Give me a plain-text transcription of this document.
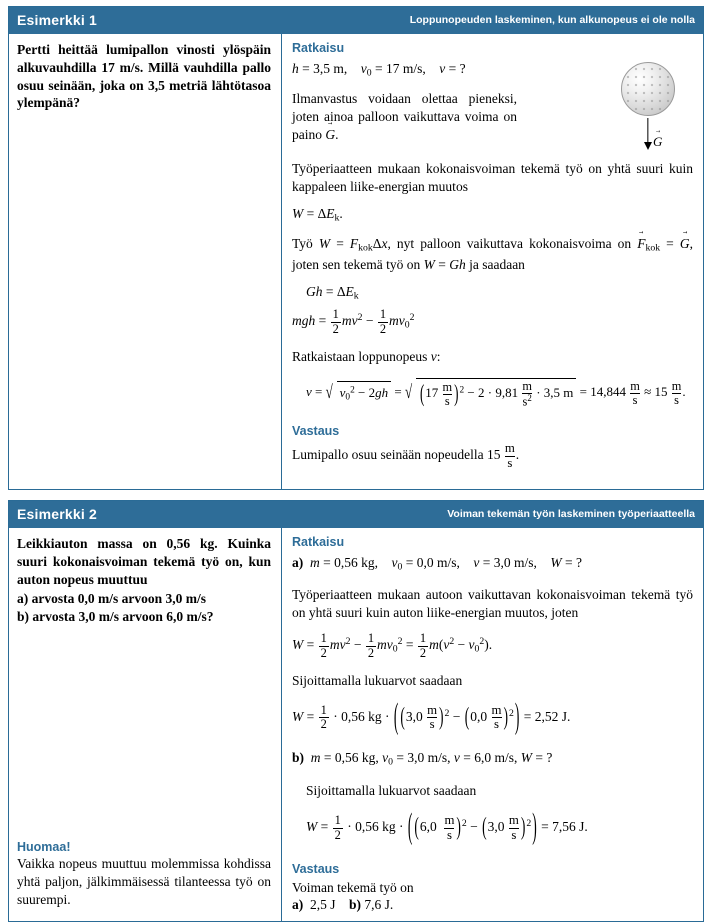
Esimerkki 1	Loppunopeuden laskeminen, kun alkunopeus ei ole nolla
Pertti heittää lumipallon vinosti ylöspäin alkuvauhdilla 17 m/s. Millä vauhdilla pallo osuu seinään, joka on 3,5 metriä lähtötasoa ylempänä?
Ratkaisu
G →
h = 3,5 m,    $v_0 = 17$ m/s,    v = ?
Ilmanvastus voidaan olettaa pieneksi, joten ainoa palloon vaikuttava voima on paino G →.
Työperiaatteen mukaan kokonaisvoiman tekemä työ on yhtä suuri kuin kappaleen liike-energian muutos
$W = \Delta E_k$.
Työ $W = F_{kok}\Delta x$, nyt palloon vaikuttava kokonaisvoima on $F \to_{kok} = G$ →, joten sen tekemä työ on W = Gh ja saadaan
$Gh = \Delta E_k$
mgh = $\frac{1}{2} mv^2 - \frac{1}{2} mv_0^2$
Ratkaistaan loppunopeus v:
v = √ $v_0^2 - 2gh$ = √ $(17 \frac{m}{s} )^2 - 2 \cdot 9,81 \frac{m}{s^2} \cdot 3,5$ $m = 14,844 \frac{m}{s} \approx 15 \frac{m}{s}$ .
Vastaus
Lumipallo osuu seinään nopeudella $15 \frac{m}{s}$ .
Esimerkki 2	Voiman tekemän työn laskeminen työperiaatteella
Leikkiauton massa on 0,56 kg. Kuinka suuri kokonaisvoiman tekemä työ on, kun auton nopeus muuttuu
a) arvosta 0,0 m/s arvoon 3,0 m/s
b) arvosta 3,0 m/s arvoon 6,0 m/s?
Huomaa!
Vaikka nopeus muuttuu molemmissa kohdissa yhtä paljon, jälkimmäisessä tilanteessa työ on suurempi.
Ratkaisu
a) m = 0,56 kg,    $v_0 = 0,0$ m/s,    v = 3,0 m/s,    W = ?
Työperiaatteen mukaan autoon vaikuttavan kokonaisvoiman tekemä työ on yhtä suuri kuin auton liike-energian muutos, joten
$W = \frac{1}{2} mv^2 - \frac{1}{2} mv_0^2 = \frac{1}{2} m(v^2 - v_0^2)$.
Sijoittamalla lukuarvot saadaan
$W = \frac{1}{2} \cdot 0,56$ kg · ( $(3,0 \frac{m}{s} )^2 - (0,0 \frac{m}{s} )^2) = 2,52$ J.
b) m = 0,56 kg, $v_0 = 3,0$ m/s, v = 6,0 m/s, W = ?
Sijoittamalla lukuarvot saadaan
$W = \frac{1}{2} \cdot 0,56$ kg · ( $(6,0 \frac{m}{s} )^2 - (3,0 \frac{m}{s} )^2) = 7,56$ J.
Vastaus
Voiman tekemä työ on
a)  2,5 J    b) 7,6 J.
